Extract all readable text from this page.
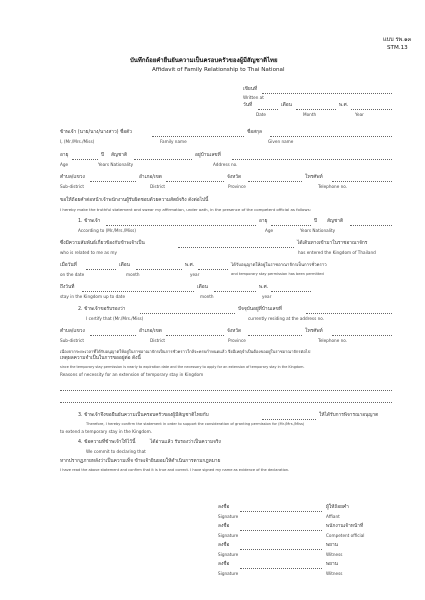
แบบ รพ.๑๓
STM.13
บันทึกถ้อยคำยืนยันความเป็นครอบครัวของผู้มีสัญชาติไทย
Affidavit of Family Relationship to Thai National
เขียนที่
Written at
วันที่	เดือน	พ.ศ.
Date	Month	Year
ข้าพเจ้า (นาย/นาง/นางสาว) ชื่อตัว	ชื่อสกุล
I, (Mr./Mrs./Miss)	Family name	Given name
อายุ	ปี สัญชาติ	อยู่บ้านเลขที่
Age	Years Nationality	Address no.
ตำบล/แขวง	อำเภอ/เขต	จังหวัด	โทรศัพท์
Sub-district	District	Province	Telephone no.
ขอให้ถ้อยคำต่อหน้าเจ้าพนักงานผู้รับผิดชอบด้วยความสัตย์จริง ดังต่อไปนี้
I hereby make the truthful statement and swear my affirmation, under oath, in the presence of the competent official as follows:
1. ข้าพเจ้า	อายุ	ปี สัญชาติ
According to (Mr./Mrs./Miss)	Age	Years Nationality
ซึ่งมีความสัมพันธ์เกี่ยวข้องกับข้าพเจ้าเป็น	ได้เดินทางเข้ามาในราชอาณาจักร
who is related to me as my	has entered the Kingdom of Thailand
เมื่อวันที่	เดือน	พ.ศ.	ได้รับอนุญาตให้อยู่ในราชอาณาจักรเป็นการชั่วคราว
on the date	month	year	and temporary stay permission has been permitted
ถึงวันที่	เดือน	พ.ศ.
stay in the Kingdom up to date	month	year
2. ข้าพเจ้าขอรับรองว่า	ปัจจุบันอยู่ที่บ้านเลขที่
I certify that (Mr./Mrs./Miss)	currently residing at the address no.
ตำบล/แขวง	อำเภอ/เขต	จังหวัด	โทรศัพท์
Sub-district	District	Province	Telephone no.
เนื่องจากระยะเวลาที่ได้รับอนุญาตให้อยู่ในราชอาณาจักรเป็นการชั่วคราวใกล้จะครบกำหนดแล้ว จึงมีเหตุจำเป็นต้องขออยู่ในราชอาณาจักรต่อไป
เหตุผลความจำเป็นในการขออยู่ต่อ ดังนี้
since the temporary stay permission is nearly to expiration date and the necessary to apply for an extension of temporary stay in the Kingdom.
Reasons of necessity for an extension of temporary stay in Kingdom
3. ข้าพเจ้าจึงขอยืนยันความเป็นครอบครัวของผู้มีสัญชาติไทยกับ	ให้ได้รับการพิจารณาอนุญาต
Therefore, I hereby confirm the statement in order to support the consideration of granting permission for (Mr./Mrs./Miss)
to extend a temporary stay in the Kingdom.
4. ข้อความที่ข้าพเจ้าให้ไว้นี้	ได้อ่านแล้ว รับรองว่าเป็นความจริง
We commit to declaring that
หากปรากฏภายหลังว่าเป็นความเท็จ ข้าพเจ้ายินยอมให้ดำเนินการตามกฎหมาย
I have read the above statement and confirm that it is true and correct. I have signed my name as evidence of the declaration.
ลงชื่อ	ผู้ให้ถ้อยคำ
Signature	Affiant
ลงชื่อ	พนักงานเจ้าหน้าที่
Signature	Competent official
ลงชื่อ	พยาน
Signature	Witness
ลงชื่อ	พยาน
Signature	Witness
